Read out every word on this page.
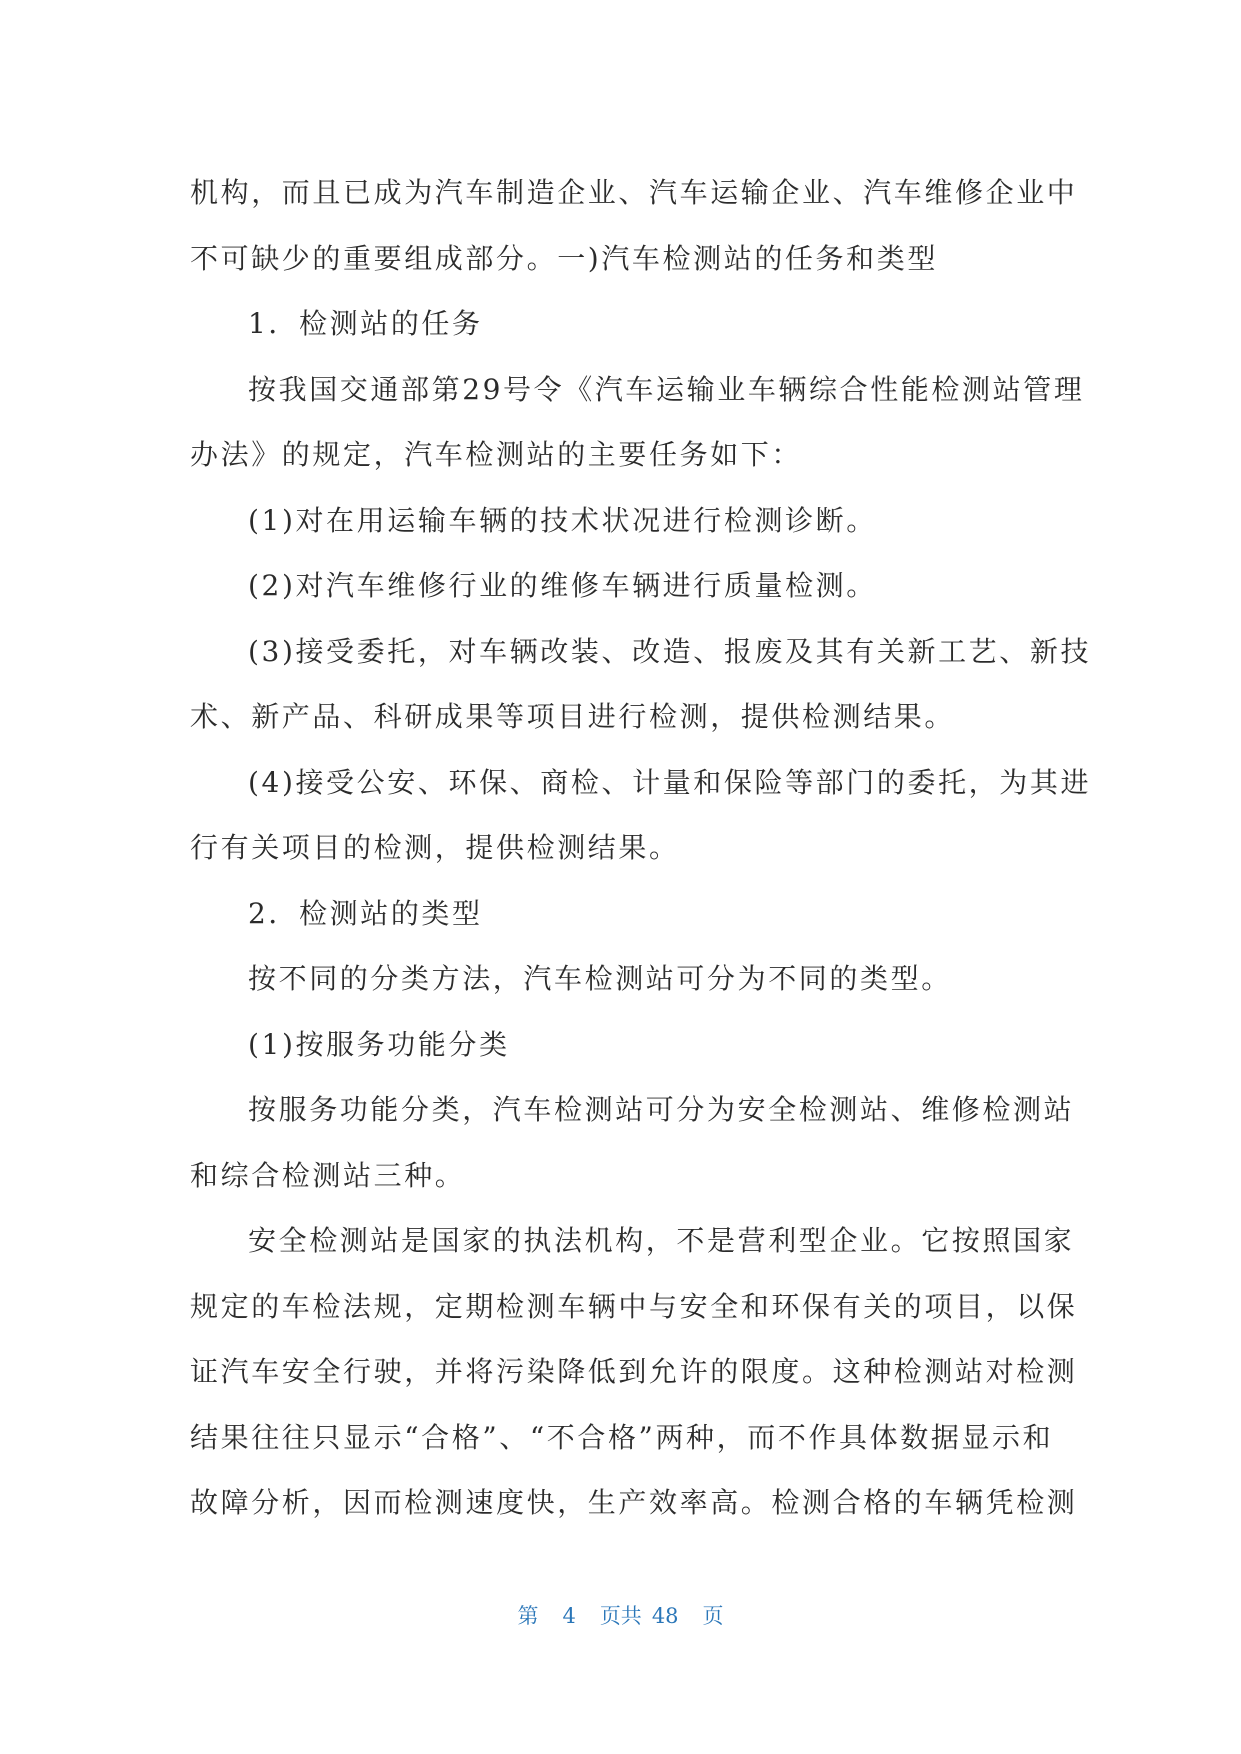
机构，而且已成为汽车制造企业、汽车运输企业、汽车维修企业中
不可缺少的重要组成部分。一)汽车检测站的任务和类型
1．检测站的任务
按我国交通部第29号令《汽车运输业车辆综合性能检测站管理
办法》的规定，汽车检测站的主要任务如下：
(1)对在用运输车辆的技术状况进行检测诊断。
(2)对汽车维修行业的维修车辆进行质量检测。
(3)接受委托，对车辆改装、改造、报废及其有关新工艺、新技
术、新产品、科研成果等项目进行检测，提供检测结果。
(4)接受公安、环保、商检、计量和保险等部门的委托，为其进
行有关项目的检测，提供检测结果。
2．检测站的类型
按不同的分类方法，汽车检测站可分为不同的类型。
(1)按服务功能分类
按服务功能分类，汽车检测站可分为安全检测站、维修检测站
和综合检测站三种。
安全检测站是国家的执法机构，不是营利型企业。它按照国家
规定的车检法规，定期检测车辆中与安全和环保有关的项目，以保
证汽车安全行驶，并将污染降低到允许的限度。这种检测站对检测
结果往往只显示“合格”、“不合格”两种，而不作具体数据显示和
故障分析，因而检测速度快，生产效率高。检测合格的车辆凭检测
第 4 页共 48 页
